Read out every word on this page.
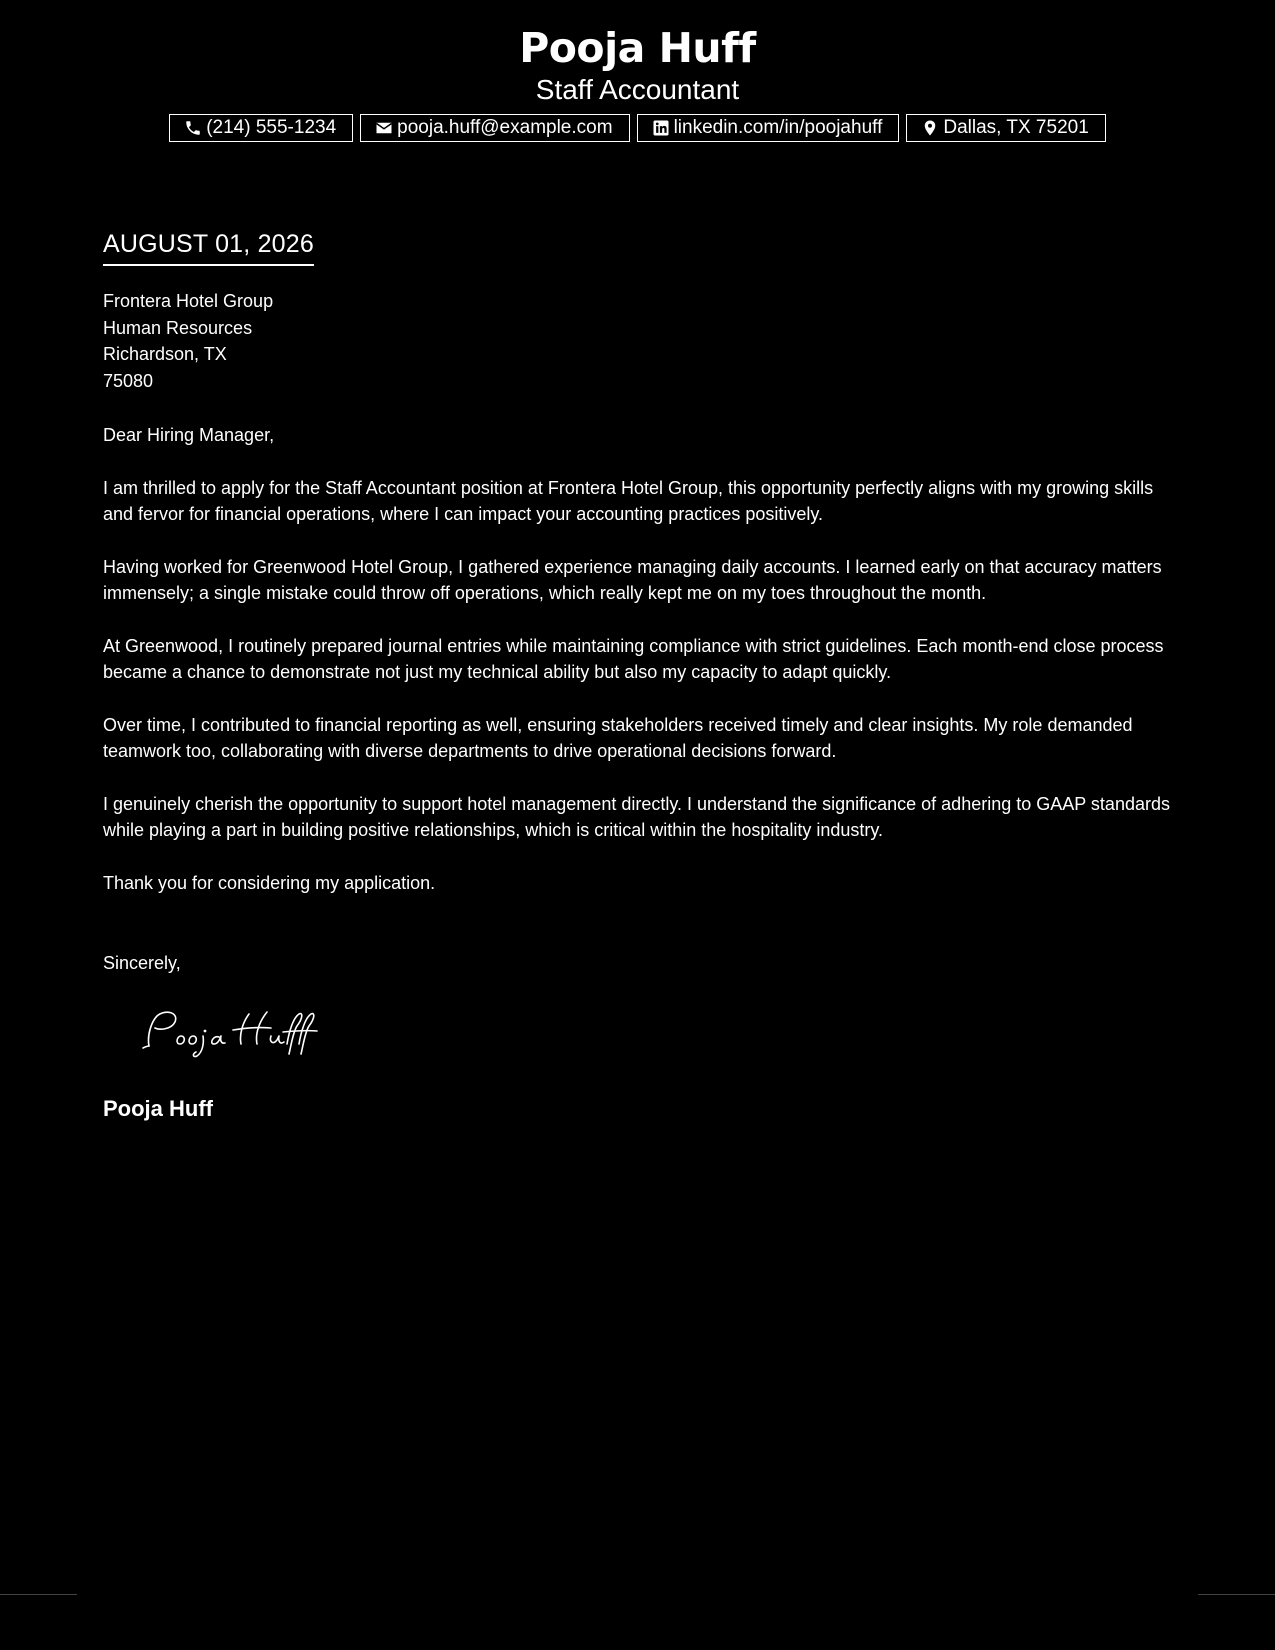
Pooja Huff
Staff Accountant
(214) 555-1234	pooja.huff@example.com	linkedin.com/in/poojahuff	Dallas, TX 75201
AUGUST 01, 2026
Frontera Hotel Group
Human Resources
Richardson, TX
75080

Dear Hiring Manager,

I am thrilled to apply for the Staff Accountant position at Frontera Hotel Group, this opportunity perfectly aligns with my growing skills and fervor for financial operations, where I can impact your accounting practices positively.

Having worked for Greenwood Hotel Group, I gathered experience managing daily accounts. I learned early on that accuracy matters immensely; a single mistake could throw off operations, which really kept me on my toes throughout the month.

At Greenwood, I routinely prepared journal entries while maintaining compliance with strict guidelines. Each month-end close process became a chance to demonstrate not just my technical ability but also my capacity to adapt quickly.

Over time, I contributed to financial reporting as well, ensuring stakeholders received timely and clear insights. My role demanded teamwork too, collaborating with diverse departments to drive operational decisions forward.

I genuinely cherish the opportunity to support hotel management directly. I understand the significance of adhering to GAAP standards while playing a part in building positive relationships, which is critical within the hospitality industry.

Thank you for considering my application.

Sincerely,
Pooja Huff
